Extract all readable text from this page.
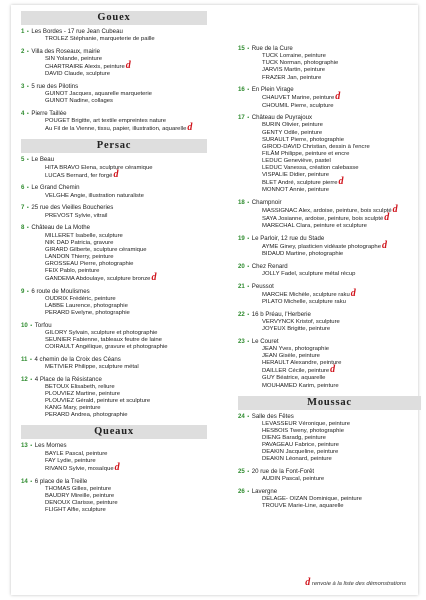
Gouex
1 • Les Bordes - 17 rue Jean Cubeau
TROLEZ Stéphanie, marqueterie de paille
2 • Villa des Roseaux, mairie
SIN Yolande, peinture
CHARTRAIRE Alexis, peintured
DAVID Claude, sculpture
3 • 5 rue des Pilotins
GUINOT Jacques, aquarelle marqueterie
GUINOT Nadine, collages
4 • Pierre Taillée
POUGET Brigitte, art textile empreintes nature
Au Fil de la Vienne, tissu, papier, illustration, aquarelled
Persac
5 • Le Beau
HITA BRAVO Elena, sculpture céramique
LUCAS Bernard, fer forgéd
6 • Le Grand Chemin
VELGHE Angie, illustration naturaliste
7 • 25 rue des Vieilles Boucheries
PREVOST Sylvie, vitrail
8 • Château de La Mothe
MILLERET Isabelle, sculpture
NIK DAD Patricia, gravure
GIRARD Gilberte, sculpture céramique
LANDON Thierry, peinture
GROSSEAU Pierre, photographie
FEIX Pablo, peinture
GANDEMA Abdoulaye, sculpture bronzed
9 • 6 route de Moulismes
OUDRIX Frédéric, peinture
LABBE Laurence, photographie
PERARD Evelyne, photographie
10 • Torfou
GILORY Sylvain, sculpture et photographie
SEUNIER Fabienne, tableaux feutre de laine
COIRAULT Angélique, gravure et photographie
11 • 4 chemin de la Croix des Céans
METIVIER Philippe, sculpture métal
12 • 4 Place de la Résistance
BETOUX Elisabeth, reliure
PLOUVIEZ Martine, peinture
PLOUVIEZ Gérald, peinture et sculpture
KANG Mary, peinture
PERARD Andrea, photographie
Queaux
13 • Les Mornes
BAYLE Pascal, peinture
FAY Lydie, peinture
RIVANO Sylvie, mosaïqued
14 • 6 place de la Treille
THOMAS Gilles, peinture
BAUDRY Mireille, peinture
DENOUX Clarisse, peinture
FLIGHT Alfie, sculpture
15 • Rue de la Cure
TUCK Lorraine, peinture
TUCK Norman, photographie
JARVIS Martin, peinture
FRAZER Jan, peinture
16 • En Plein Virage
CHAUVET Marine, peintured
CHOUMIL Pierre, sculpture
17 • Château de Puyrajoux
BURIN Olivier, peinture
GENTY Odile, peinture
SURAULT Pierre, photographie
GIROD-DAVID Christian, dessin à l'encre
FILÂM Philippe, peinture et encre
LEDUC Geneviève, pastel
LEDUC Vanessa, création calebasse
VISPALIE Didier, peinture
BLET André, sculpture pierred
MONNOT Annie, peinture
18 • Champnoir
MASSIGNAC Alex, ardoise, peinture, bois sculptéd
SAYA Josianne, ardoise, peinture, bois sculptéd
MARECHAL Clara, peinture et sculpture
19 • Le Parloir, 12 rue du Stade
AYME Giney, plasticien vidéaste photographed
BIDAUD Martine, photographie
20 • Chez Renard
JOLLY Fadel, sculpture métal récup
21 • Peussot
MARCHE Michèle, sculpture rakud
PILATO Michelle, sculpture raku
22 • 16 b Préau, l'Herberie
VERVYNCK Kristof, sculpture
JOYEUX Brigitte, peinture
23 • Le Couret
JEAN Yves, photographie
JEAN Gisèle, peinture
HERAULT Alexandre, peinture
DAILLER Cécile, peintured
GUY Béatrice, aquarelle
MOUHAMED Karim, peinture
Moussac
24 • Salle des Fêtes
LEVASSEUR Véronique, peinture
HESBOIS Tweny, photographie
DIENG Baradg, peinture
PAVAGEAU Fabrice, peinture
DEAKIN Jacqueline, peinture
DEAKIN Léonard, peinture
25 • 20 rue de la Font-Forêt
AUDIN Pascal, peinture
26 • Lavergne
DELAGE- OIZAN Dominique, peinture
TROUVE Marie-Line, aquarelle
d renvoie à la liste des démonstrations
